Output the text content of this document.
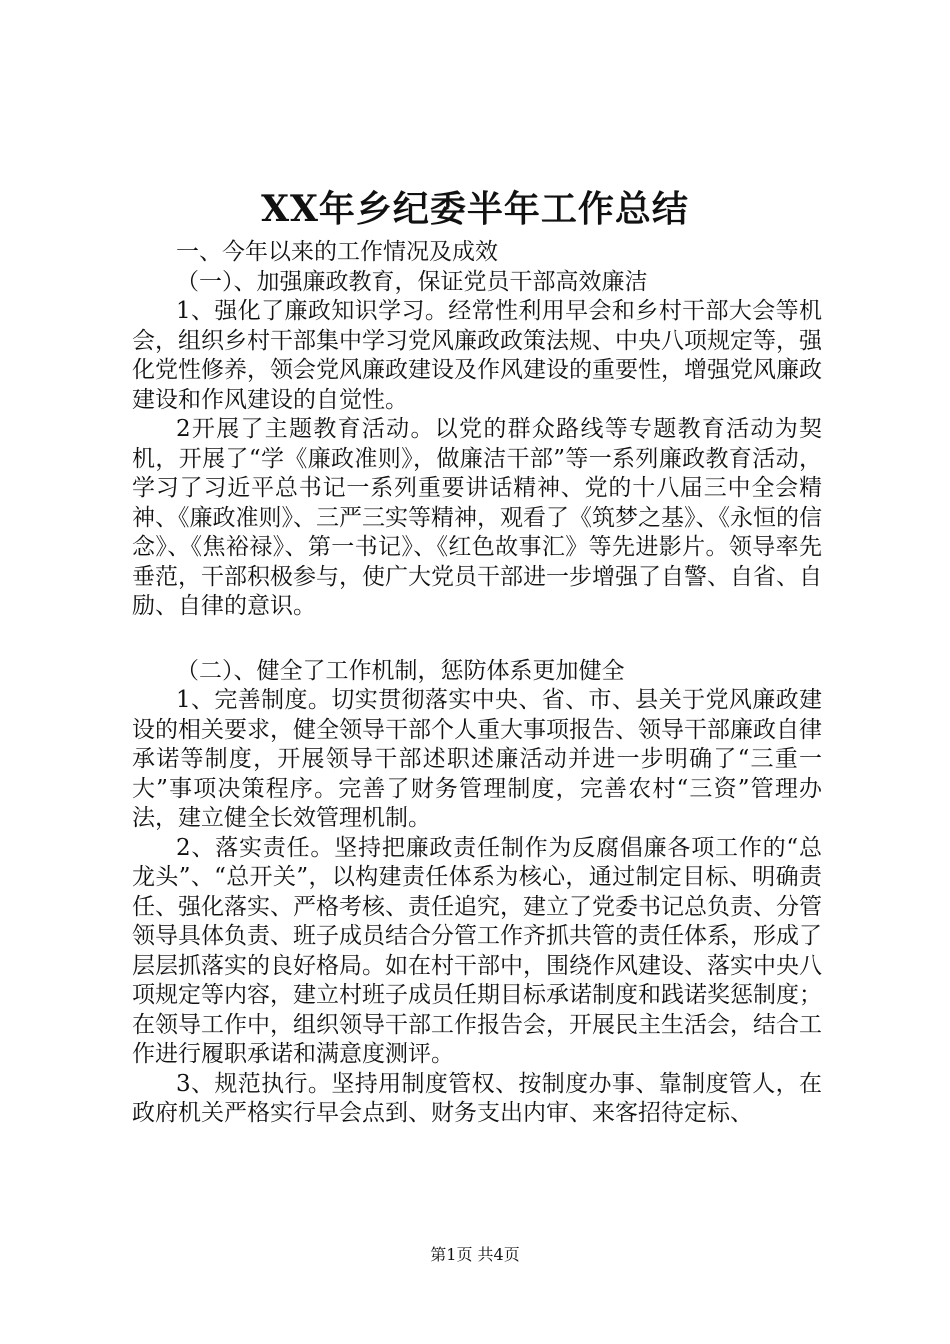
XX年乡纪委半年工作总结

一、今年以来的工作情况及成效

（一）、加强廉政教育，保证党员干部高效廉洁

1、强化了廉政知识学习。经常性利用早会和乡村干部大会等机会，组织乡村干部集中学习党风廉政政策法规、中央八项规定等，强化党性修养，领会党风廉政建设及作风建设的重要性，增强党风廉政建设和作风建设的自觉性。

2开展了主题教育活动。以党的群众路线等专题教育活动为契机，开展了“学《廉政准则》，做廉洁干部”等一系列廉政教育活动，学习了习近平总书记一系列重要讲话精神、党的十八届三中全会精神、《廉政准则》、三严三实等精神，观看了《筑梦之基》、《永恒的信念》、《焦裕禄》、第一书记》、《红色故事汇》等先进影片。领导率先垂范，干部积极参与，使广大党员干部进一步增强了自警、自省、自励、自律的意识。

（二）、健全了工作机制，惩防体系更加健全

1、完善制度。切实贯彻落实中央、省、市、县关于党风廉政建设的相关要求，健全领导干部个人重大事项报告、领导干部廉政自律承诺等制度，开展领导干部述职述廉活动并进一步明确了“三重一大”事项决策程序。完善了财务管理制度，完善农村“三资”管理办法，建立健全长效管理机制。

2、落实责任。坚持把廉政责任制作为反腐倡廉各项工作的“总龙头”、“总开关”，以构建责任体系为核心，通过制定目标、明确责任、强化落实、严格考核、责任追究，建立了党委书记总负责、分管领导具体负责、班子成员结合分管工作齐抓共管的责任体系，形成了层层抓落实的良好格局。如在村干部中，围绕作风建设、落实中央八项规定等内容，建立村班子成员任期目标承诺制度和践诺奖惩制度；在领导工作中，组织领导干部工作报告会，开展民主生活会，结合工作进行履职承诺和满意度测评。

3、规范执行。坚持用制度管权、按制度办事、靠制度管人，在政府机关严格实行早会点到、财务支出内审、来客招待定标、

第1页 共4页
